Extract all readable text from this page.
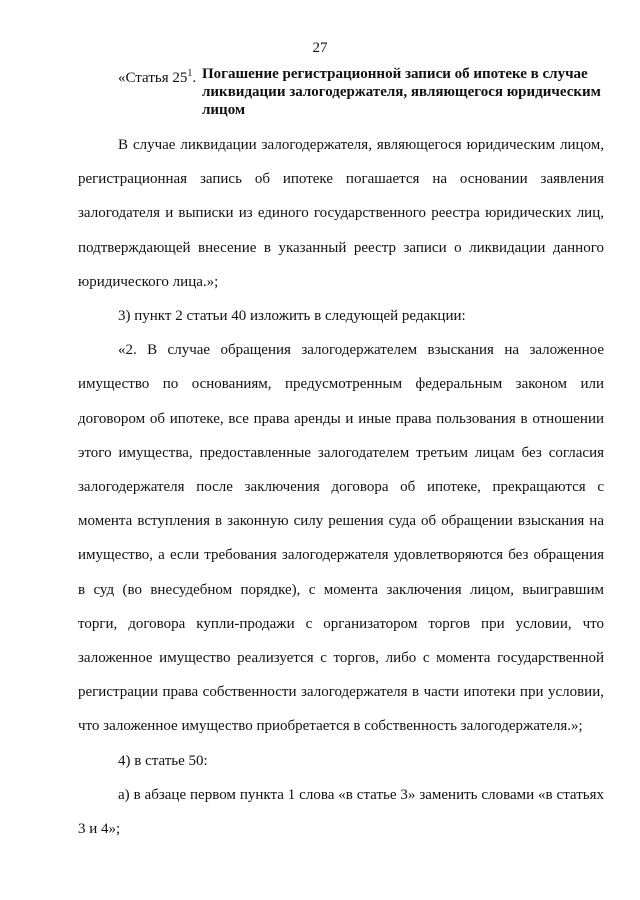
27
«Статья $25^1$. Погашение регистрационной записи об ипотеке в случае ликвидации залогодержателя, являющегося юридическим лицом

В случае ликвидации залогодержателя, являющегося юридическим лицом, регистрационная запись об ипотеке погашается на основании заявления залогодателя и выписки из единого государственного реестра юридических лиц, подтверждающей внесение в указанный реестр записи о ликвидации данного юридического лица.»;

3) пункт 2 статьи 40 изложить в следующей редакции:

«2. В случае обращения залогодержателем взыскания на заложенное имущество по основаниям, предусмотренным федеральным законом или договором об ипотеке, все права аренды и иные права пользования в отношении этого имущества, предоставленные залогодателем третьим лицам без согласия залогодержателя после заключения договора об ипотеке, прекращаются с момента вступления в законную силу решения суда об обращении взыскания на имущество, а если требования залогодержателя удовлетворяются без обращения в суд (во внесудебном порядке), с момента заключения лицом, выигравшим торги, договора купли-продажи с организатором торгов при условии, что заложенное имущество реализуется с торгов, либо с момента государственной регистрации права собственности залогодержателя в части ипотеки при условии, что заложенное имущество приобретается в собственность залогодержателя.»;

4) в статье 50:

а) в абзаце первом пункта 1 слова «в статье 3» заменить словами «в статьях 3 и 4»;
